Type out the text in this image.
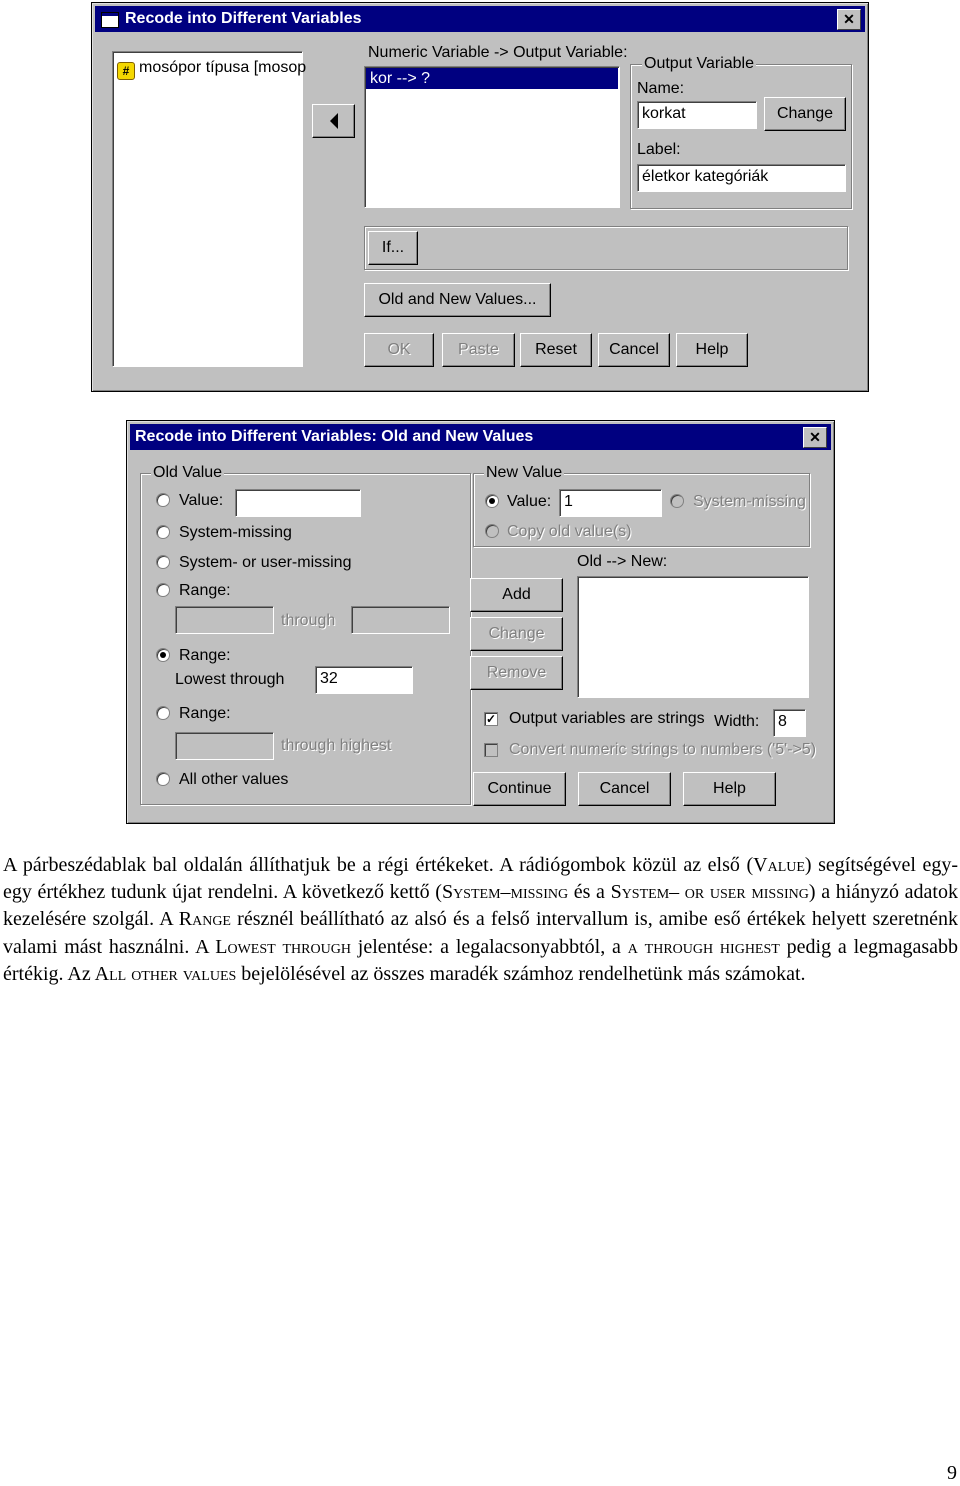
Recode into Different Variables	✕
# mosópor típusa [mosop
Numeric Variable -> Output Variable:
kor --> ?
Output Variable
Name:
korkat	Change
Label:
életkor kategóriák
If...
Old and New Values...
OK	Paste	Reset	Cancel	Help
Recode into Different Variables: Old and New Values	✕
Old Value
Value:
System-missing
System- or user-missing
Range:
through
Range:
Lowest through	32
Range:
through highest
All other values
New Value
Value: 1	System-missing
Copy old value(s)
Old --> New:
Add
Change
Remove
✓ Output variables are strings Width:	8
Convert numeric strings to numbers ('5'->5)
Continue	Cancel	Help
A párbeszédablak bal oldalán állíthatjuk be a régi értékeket. A rádiógombok közül az első (Value) segítségével egy-egy értékhez tudunk újat rendelni. A következő kettő (System–missing és a System– or user missing) a hiányzó adatok kezelésére szolgál. A Range résznél beállítható az alsó és a felső intervallum is, amibe eső értékek helyett szeretnénk valami mást használni. A Lowest through jelentése: a legalacsonyabbtól, a a through highest pedig a legmagasabb értékig. Az All other values bejelölésével az összes maradék számhoz rendelhetünk más számokat.
9
